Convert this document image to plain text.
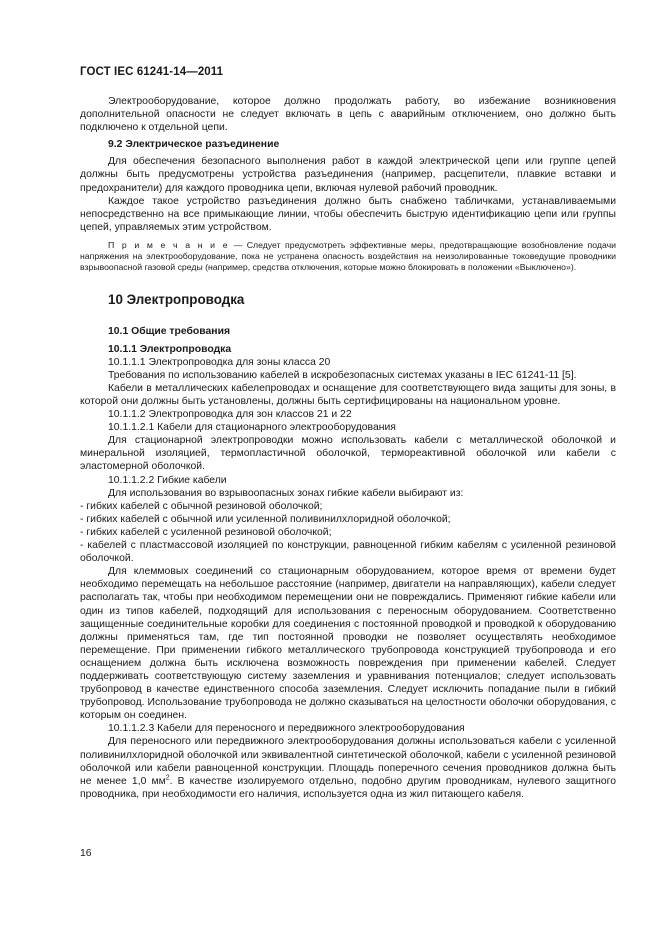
ГОСТ IEC 61241-14—2011

Электрооборудование, которое должно продолжать работу, во избежание возникновения дополнительной опасности не следует включать в цепь с аварийным отключением, оно должно быть подключено к отдельной цепи.

9.2 Электрическое разъединение

Для обеспечения безопасного выполнения работ в каждой электрической цепи или группе цепей должны быть предусмотрены устройства разъединения (например, расцепители, плавкие вставки и предохранители) для каждого проводника цепи, включая нулевой рабочий проводник.

Каждое такое устройство разъединения должно быть снабжено табличками, устанавливаемыми непосредственно на все примыкающие линии, чтобы обеспечить быструю идентификацию цепи или группы цепей, управляемых этим устройством.

П р и м е ч а н и е — Следует предусмотреть эффективные меры, предотвращающие возобновление подачи напряжения на электрооборудование, пока не устранена опасность воздействия на неизолированные токоведущие проводники взрывоопасной газовой среды (например, средства отключения, которые можно блокировать в положении «Выключено»).

10 Электропроводка

10.1 Общие требования

10.1.1 Электропроводка

10.1.1.1 Электропроводка для зоны класса 20

Требования по использованию кабелей в искробезопасных системах указаны в IEC 61241-11 [5].

Кабели в металлических кабелепроводах и оснащение для соответствующего вида защиты для зоны, в которой они должны быть установлены, должны быть сертифицированы на национальном уровне.

10.1.1.2 Электропроводка для зон классов 21 и 22

10.1.1.2.1 Кабели для стационарного электрооборудования

Для стационарной электропроводки можно использовать кабели с металлической оболочкой и минеральной изоляцией, термопластичной оболочкой, термореактивной оболочкой или кабели с эластомерной оболочкой.

10.1.1.2.2 Гибкие кабели

Для использования во взрывоопасных зонах гибкие кабели выбирают из:

- гибких кабелей с обычной резиновой оболочкой;

- гибких кабелей с обычной или усиленной поливинилхлоридной оболочкой;

- гибких кабелей с усиленной резиновой оболочкой;

- кабелей с пластмассовой изоляцией по конструкции, равноценной гибким кабелям с усиленной резиновой оболочкой.

Для клеммовых соединений со стационарным оборудованием, которое время от времени будет необходимо перемещать на небольшое расстояние (например, двигатели на направляющих), кабели следует располагать так, чтобы при необходимом перемещении они не повреждались. Применяют гибкие кабели или один из типов кабелей, подходящий для использования с переносным оборудованием. Соответственно защищенные соединительные коробки для соединения с постоянной проводкой и проводкой к оборудованию должны применяться там, где тип постоянной проводки не позволяет осуществлять необходимое перемещение. При применении гибкого металлического трубопровода конструкцией трубопровода и его оснащением должна быть исключена возможность повреждения при применении кабелей. Следует поддерживать соответствующую систему заземления и уравнивания потенциалов; следует использовать трубопровод в качестве единственного способа заземления. Следует исключить попадание пыли в гибкий трубопровод. Использование трубопровода не должно сказываться на целостности оболочки оборудования, с которым он соединен.

10.1.1.2.3 Кабели для переносного и передвижного электрооборудования

Для переносного или передвижного электрооборудования должны использоваться кабели с усиленной поливинилхлоридной оболочкой или эквивалентной синтетической оболочкой, кабели с усиленной резиновой оболочкой или кабели равноценной конструкции. Площадь поперечного сечения проводников должна быть не менее 1,0 $мм^2$. В качестве изолируемого отдельно, подобно другим проводникам, нулевого защитного проводника, при необходимости его наличия, используется одна из жил питающего кабеля.

16
